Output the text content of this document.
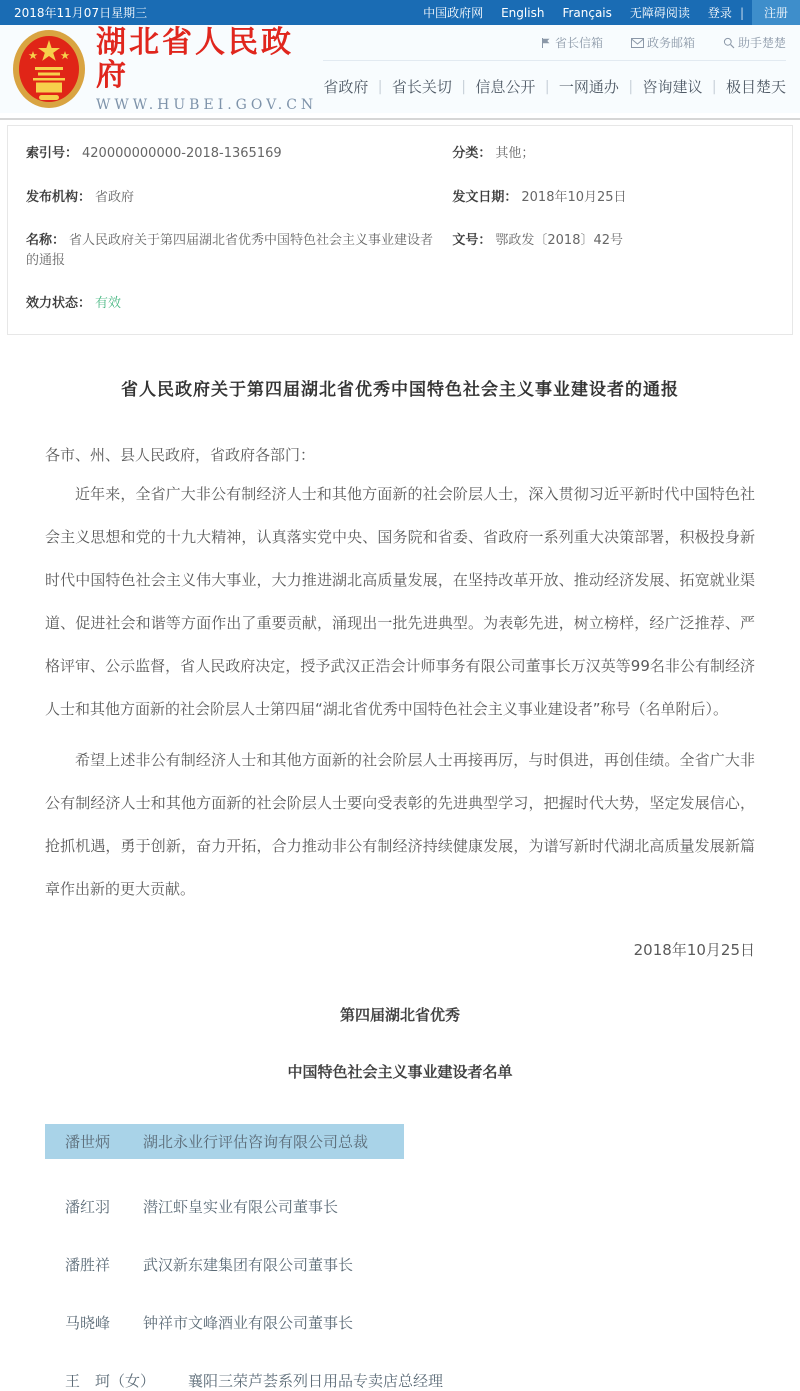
2018年11月07日星期三	中国政府网 English Français 无障碍阅读 登录 |	注册
湖北省人民政府
WWW.HUBEI.GOV.CN
省长信箱	政务邮箱	助手楚楚
省政府 | 省长关切 | 信息公开 | 一网通办 | 咨询建议 | 极目楚天
索引号： 420000000000-2018-1365169	分类： 其他；
发布机构： 省政府	发文日期： 2018年10月25日
名称： 省人民政府关于第四届湖北省优秀中国特色社会主义事业建设者的通报
文号： 鄂政发〔2018〕42号
效力状态： 有效
省人民政府关于第四届湖北省优秀中国特色社会主义事业建设者的通报

各市、州、县人民政府，省政府各部门：

近年来，全省广大非公有制经济人士和其他方面新的社会阶层人士，深入贯彻习近平新时代中国特色社会主义思想和党的十九大精神，认真落实党中央、国务院和省委、省政府一系列重大决策部署，积极投身新时代中国特色社会主义伟大事业，大力推进湖北高质量发展，在坚持改革开放、推动经济发展、拓宽就业渠道、促进社会和谐等方面作出了重要贡献，涌现出一批先进典型。为表彰先进，树立榜样，经广泛推荐、严格评审、公示监督，省人民政府决定，授予武汉正浩会计师事务有限公司董事长万汉英等99名非公有制经济人士和其他方面新的社会阶层人士第四届“湖北省优秀中国特色社会主义事业建设者”称号（名单附后）。

希望上述非公有制经济人士和其他方面新的社会阶层人士再接再厉，与时俱进，再创佳绩。全省广大非公有制经济人士和其他方面新的社会阶层人士要向受表彰的先进典型学习，把握时代大势，坚定发展信心，抢抓机遇，勇于创新，奋力开拓，合力推动非公有制经济持续健康发展，为谱写新时代湖北高质量发展新篇章作出新的更大贡献。

2018年10月25日

第四届湖北省优秀
中国特色社会主义事业建设者名单
潘世炳 湖北永业行评估咨询有限公司总裁
潘红羽 潜江虾皇实业有限公司董事长
潘胜祥 武汉新东建集团有限公司董事长
马晓峰 钟祥市文峰酒业有限公司董事长
王　珂（女） 襄阳三荣芦荟系列日用品专卖店总经理
